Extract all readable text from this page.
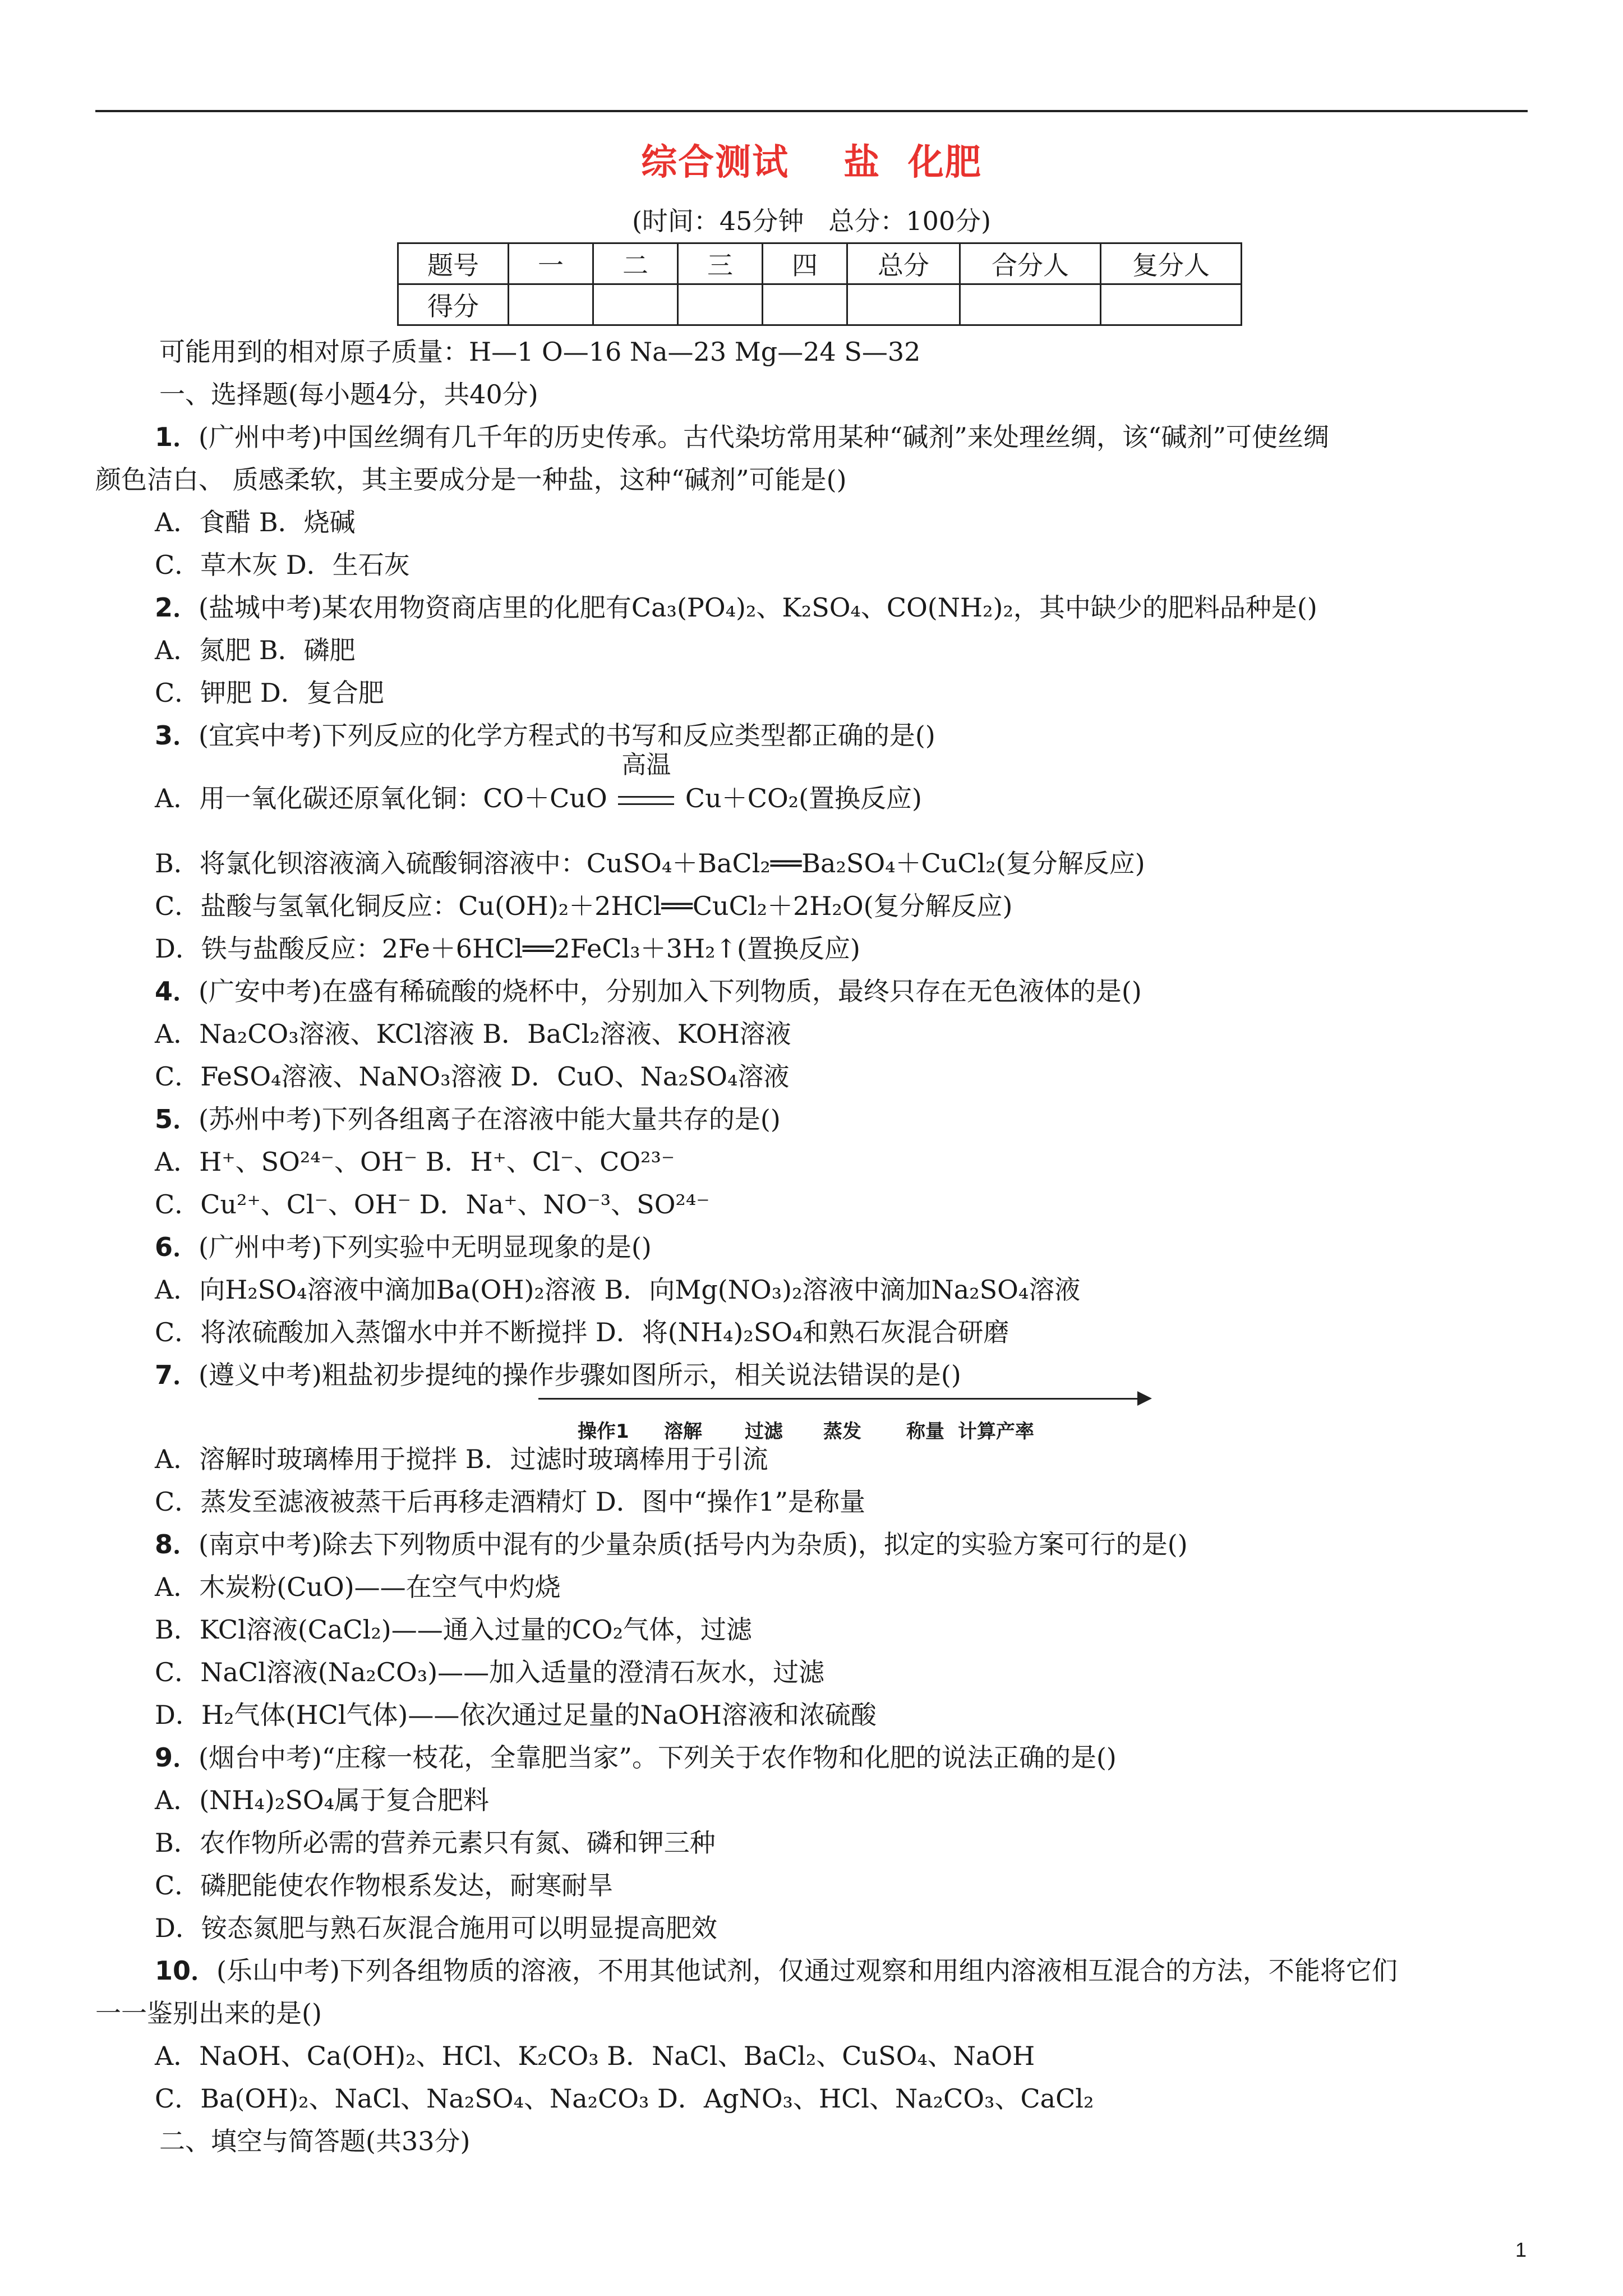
综合测试    盐  化肥
(时间：45分钟   总分：100分)
题号	一	二	三	四	总分	合分人	复分人
得分							
可能用到的相对原子质量：H—1 O—16 Na—23 Mg—24 S—32
一、选择题(每小题4分，共40分)
1．(广州中考)中国丝绸有几千年的历史传承。古代染坊常用某种“碱剂”来处理丝绸，该“碱剂”可使丝绸
颜色洁白、 质感柔软，其主要成分是一种盐，这种“碱剂”可能是()
A．食醋 B．烧碱
C．草木灰 D．生石灰
2．(盐城中考)某农用物资商店里的化肥有Ca₃(PO₄)₂、K₂SO₄、CO(NH₂)₂，其中缺少的肥料品种是()
A．氮肥 B．磷肥
C．钾肥 D．复合肥
3．(宜宾中考)下列反应的化学方程式的书写和反应类型都正确的是()
A．用一氧化碳还原氧化铜：CO＋CuO
高温
Cu＋CO₂(置换反应)
B．将氯化钡溶液滴入硫酸铜溶液中：CuSO₄＋BaCl₂══Ba₂SO₄＋CuCl₂(复分解反应)
C．盐酸与氢氧化铜反应：Cu(OH)₂＋2HCl══CuCl₂＋2H₂O(复分解反应)
D．铁与盐酸反应：2Fe＋6HCl══2FeCl₃＋3H₂↑(置换反应)
4．(广安中考)在盛有稀硫酸的烧杯中，分别加入下列物质，最终只存在无色液体的是()
A．Na₂CO₃溶液、KCl溶液 B．BaCl₂溶液、KOH溶液
C．FeSO₄溶液、NaNO₃溶液 D．CuO、Na₂SO₄溶液
5．(苏州中考)下列各组离子在溶液中能大量共存的是()
A．H⁺、SO²⁴⁻、OH⁻ B．H⁺、Cl⁻、CO²³⁻
C．Cu²⁺、Cl⁻、OH⁻ D．Na⁺、NO⁻³、SO²⁴⁻
6．(广州中考)下列实验中无明显现象的是()
A．向H₂SO₄溶液中滴加Ba(OH)₂溶液 B．向Mg(NO₃)₂溶液中滴加Na₂SO₄溶液
C．将浓硫酸加入蒸馏水中并不断搅拌 D．将(NH₄)₂SO₄和熟石灰混合研磨
7．(遵义中考)粗盐初步提纯的操作步骤如图所示，相关说法错误的是()
操作1 溶解 过滤 蒸发 称量 计算产率
A．溶解时玻璃棒用于搅拌 B．过滤时玻璃棒用于引流
C．蒸发至滤液被蒸干后再移走酒精灯 D．图中“操作1”是称量
8．(南京中考)除去下列物质中混有的少量杂质(括号内为杂质)，拟定的实验方案可行的是()
A．木炭粉(CuO)——在空气中灼烧
B．KCl溶液(CaCl₂)——通入过量的CO₂气体，过滤
C．NaCl溶液(Na₂CO₃)——加入适量的澄清石灰水，过滤
D．H₂气体(HCl气体)——依次通过足量的NaOH溶液和浓硫酸
9．(烟台中考)“庄稼一枝花，全靠肥当家”。下列关于农作物和化肥的说法正确的是()
A．(NH₄)₂SO₄属于复合肥料
B．农作物所必需的营养元素只有氮、磷和钾三种
C．磷肥能使农作物根系发达，耐寒耐旱
D．铵态氮肥与熟石灰混合施用可以明显提高肥效
10．(乐山中考)下列各组物质的溶液，不用其他试剂，仅通过观察和用组内溶液相互混合的方法，不能将它们
一一鉴别出来的是()
A．NaOH、Ca(OH)₂、HCl、K₂CO₃ B．NaCl、BaCl₂、CuSO₄、NaOH
C．Ba(OH)₂、NaCl、Na₂SO₄、Na₂CO₃ D．AgNO₃、HCl、Na₂CO₃、CaCl₂
二、填空与简答题(共33分)
1
